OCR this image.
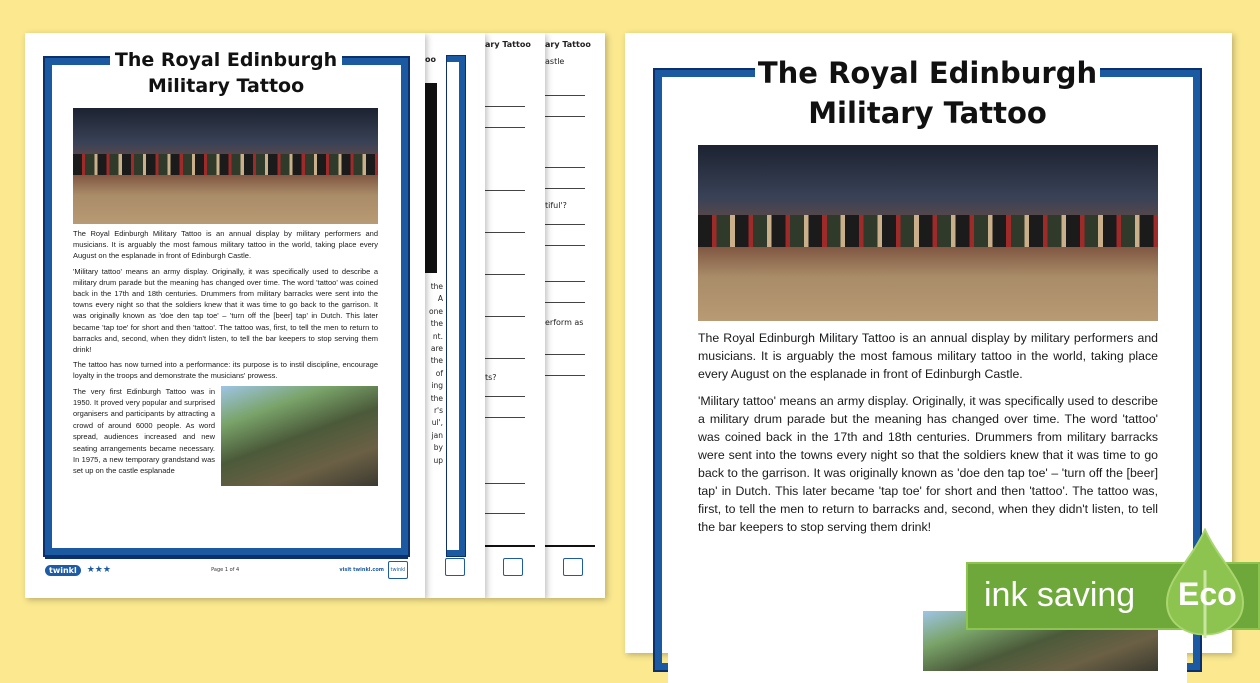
ary Tattoo
astle
tiful'?
erform as
ary Tattoo
ts?
oo
the
A
one
the
nt.
are
the
of
ing
the
r's
ul',
jan
by
up
The Royal Edinburgh
Military Tattoo

The Royal Edinburgh Military Tattoo is an annual display by military performers and musicians. It is arguably the most famous military tattoo in the world, taking place every August on the esplanade in front of Edinburgh Castle.

'Military tattoo' means an army display. Originally, it was specifically used to describe a military drum parade but the meaning has changed over time. The word 'tattoo' was coined back in the 17th and 18th centuries. Drummers from military barracks were sent into the towns every night so that the soldiers knew that it was time to go back to the garrison. It was originally known as 'doe den tap toe' – 'turn off the [beer] tap' in Dutch. This later became 'tap toe' for short and then 'tattoo'. The tattoo was, first, to tell the men to return to barracks and, second, when they didn't listen, to tell the bar keepers to stop serving them drink!

The tattoo has now turned into a performance: its purpose is to instil discipline, encourage loyalty in the troops and demonstrate the musicians' prowess.

The very first Edinburgh Tattoo was in 1950. It proved very popular and surprised organisers and participants by attracting a crowd of around 6000 people. As word spread, audiences increased and new seating arrangements became necessary. In 1975, a new temporary grandstand was set up on the castle esplanade
twinkl	★★★	Page 1 of 4	visit twinkl.com	twinkl
The Royal Edinburgh
Military Tattoo

The Royal Edinburgh Military Tattoo is an annual display by military performers and musicians. It is arguably the most famous military tattoo in the world, taking place every August on the esplanade in front of Edinburgh Castle.

'Military tattoo' means an army display. Originally, it was specifically used to describe a military drum parade but the meaning has changed over time. The word 'tattoo' was coined back in the 17th and 18th centuries. Drummers from military barracks were sent into the towns every night so that the soldiers knew that it was time to go back to the garrison. It was originally known as 'doe den tap toe' – 'turn off the [beer] tap' in Dutch. This later became 'tap toe' for short and then 'tattoo'. The tattoo was, first, to tell the men to return to barracks and, second, when they didn't listen, to tell the bar keepers to stop serving them drink!

ink saving Eco
